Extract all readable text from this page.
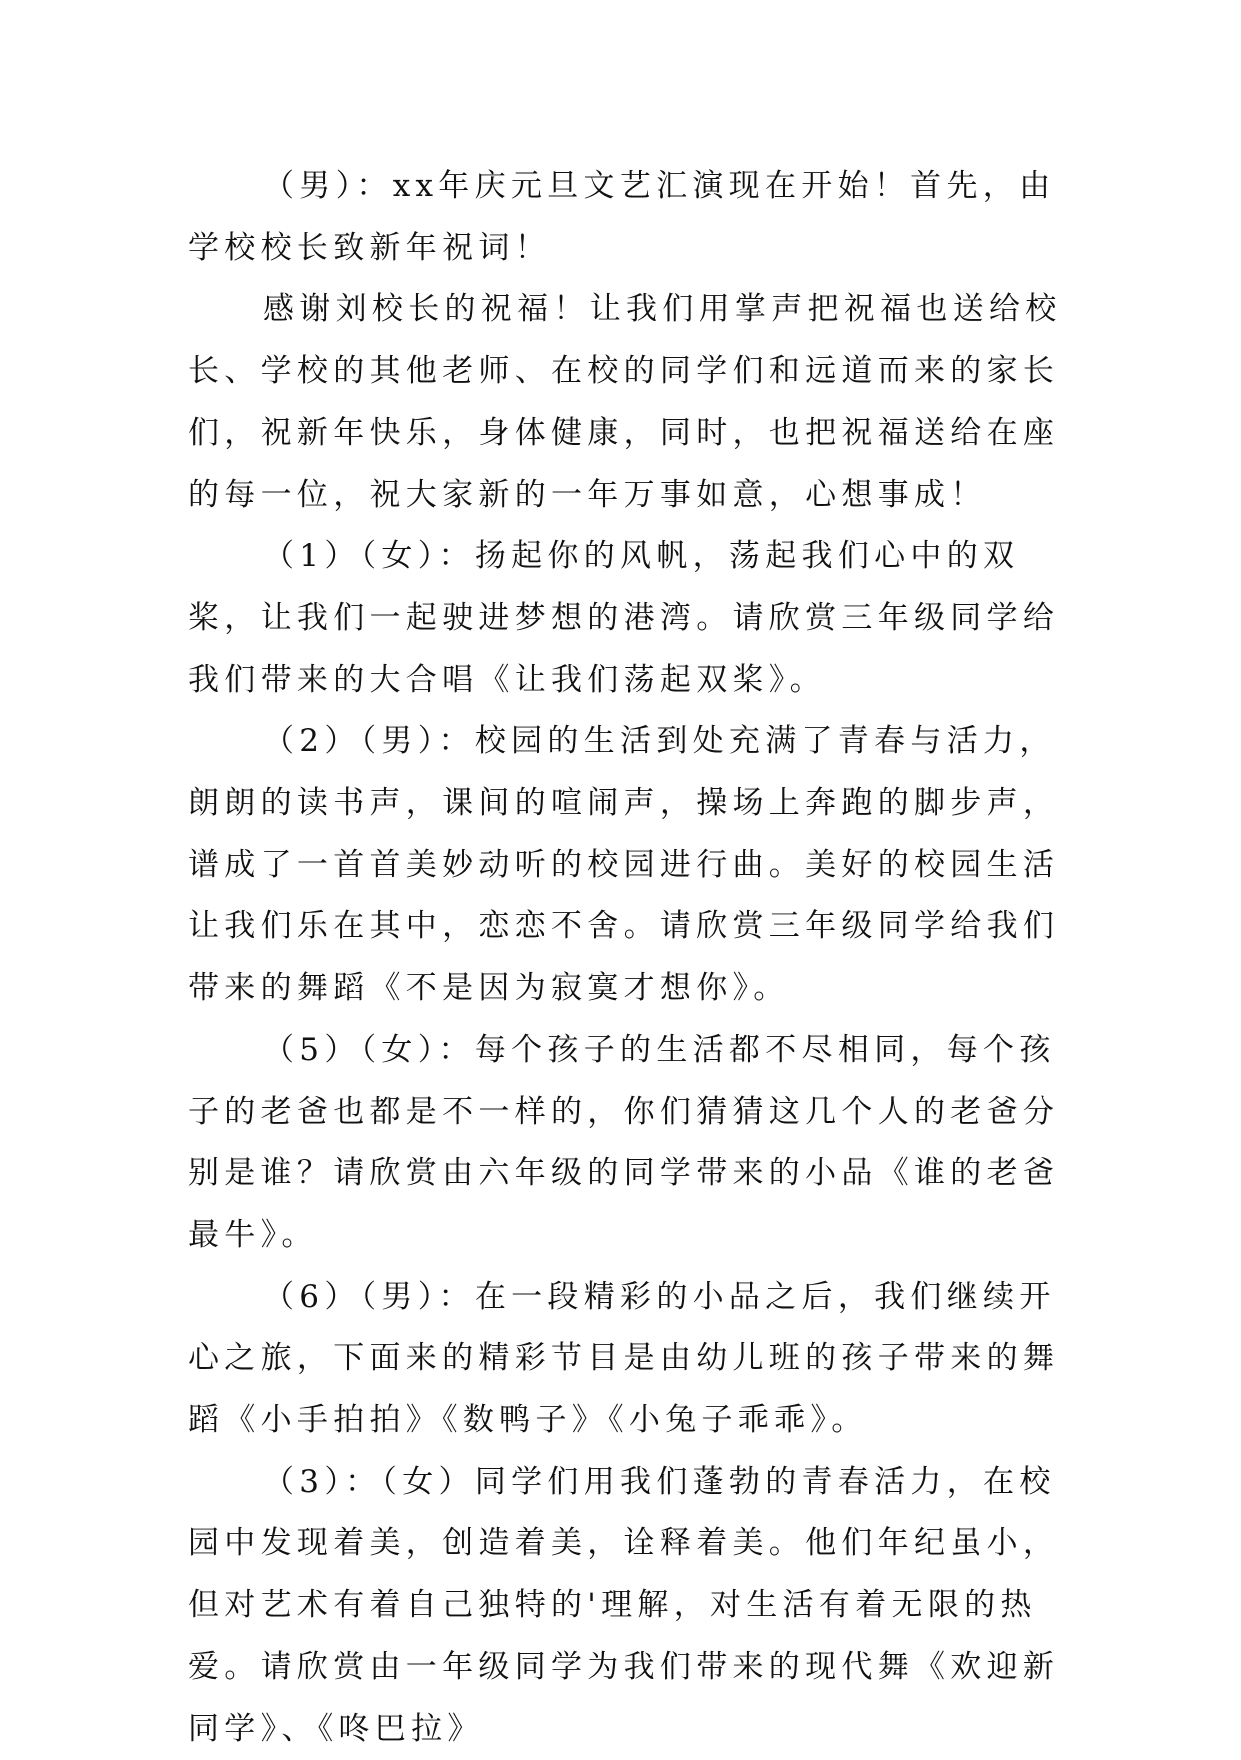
（男）：xx年庆元旦文艺汇演现在开始！首先，由学校校长致新年祝词！

感谢刘校长的祝福！让我们用掌声把祝福也送给校长、学校的其他老师、在校的同学们和远道而来的家长们，祝新年快乐，身体健康，同时，也把祝福送给在座的每一位，祝大家新的一年万事如意，心想事成！

（1）（女）：扬起你的风帆，荡起我们心中的双桨，让我们一起驶进梦想的港湾。请欣赏三年级同学给我们带来的大合唱《让我们荡起双桨》。

（2）（男）：校园的生活到处充满了青春与活力，朗朗的读书声，课间的喧闹声，操场上奔跑的脚步声，谱成了一首首美妙动听的校园进行曲。美好的校园生活让我们乐在其中，恋恋不舍。请欣赏三年级同学给我们带来的舞蹈《不是因为寂寞才想你》。

（5）（女）：每个孩子的生活都不尽相同，每个孩子的老爸也都是不一样的，你们猜猜这几个人的老爸分别是谁？请欣赏由六年级的同学带来的小品《谁的老爸最牛》。

（6）（男）：在一段精彩的小品之后，我们继续开心之旅，下面来的精彩节目是由幼儿班的孩子带来的舞蹈《小手拍拍》《数鸭子》《小兔子乖乖》。

（3）：（女）同学们用我们蓬勃的青春活力，在校园中发现着美，创造着美，诠释着美。他们年纪虽小，但对艺术有着自己独特的'理解，对生活有着无限的热爱。请欣赏由一年级同学为我们带来的现代舞《欢迎新同学》、《咚巴拉》
